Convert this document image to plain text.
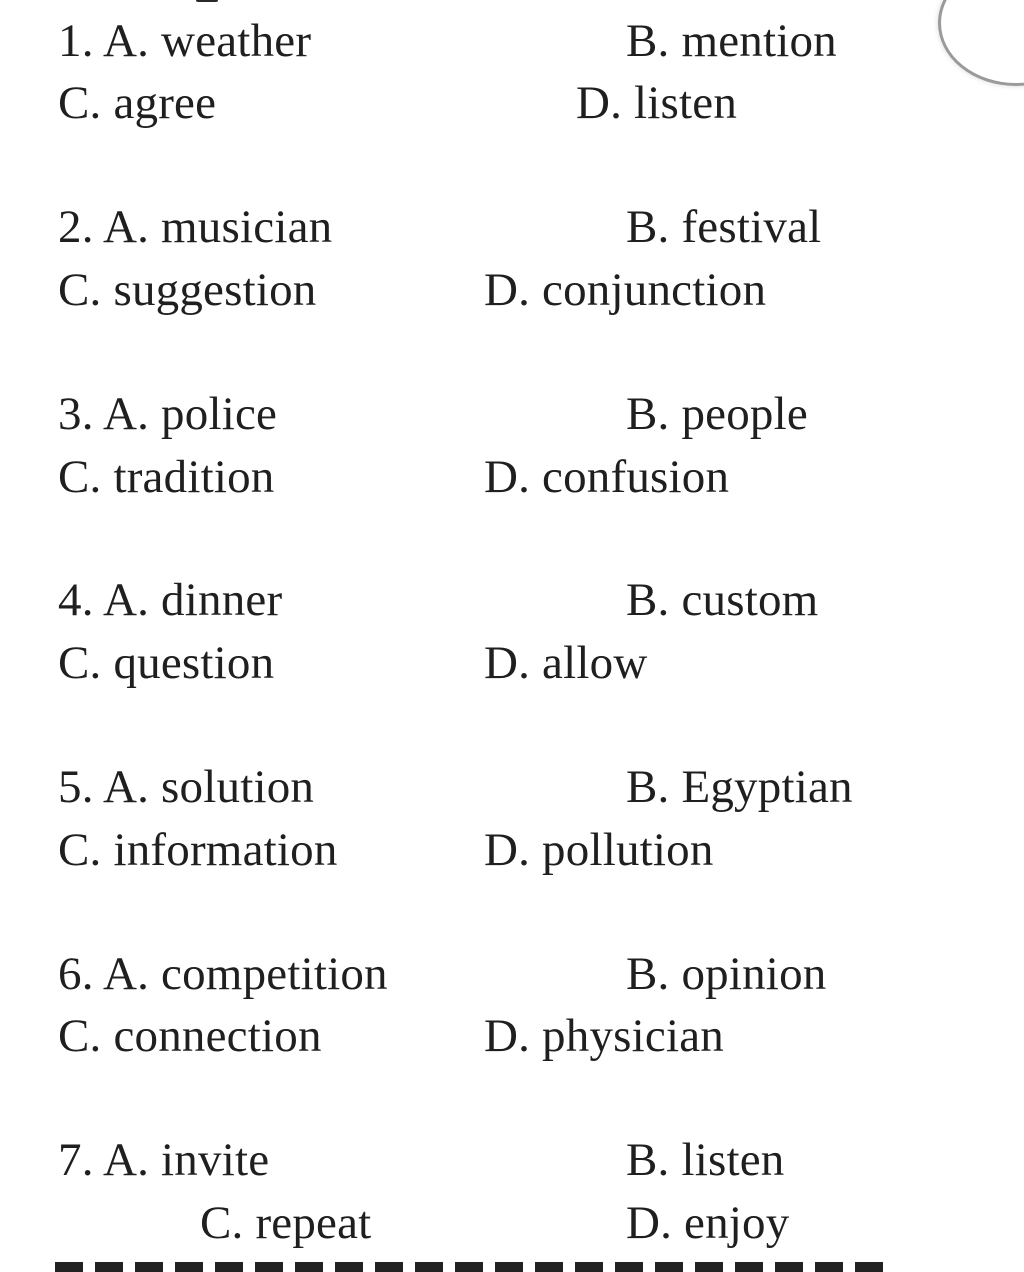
1. A. weather	B. mention
C. agree	D. listen
2. A. musician	B. festival
C. suggestion	D. conjunction
3. A. police	B. people
C. tradition	D. confusion
4. A. dinner	B. custom
C. question	D. allow
5. A. solution	B. Egyptian
C. information	D. pollution
6. A. competition	B. opinion
C. connection	D. physician
7. A. invite	B. listen
C. repeat	D. enjoy
